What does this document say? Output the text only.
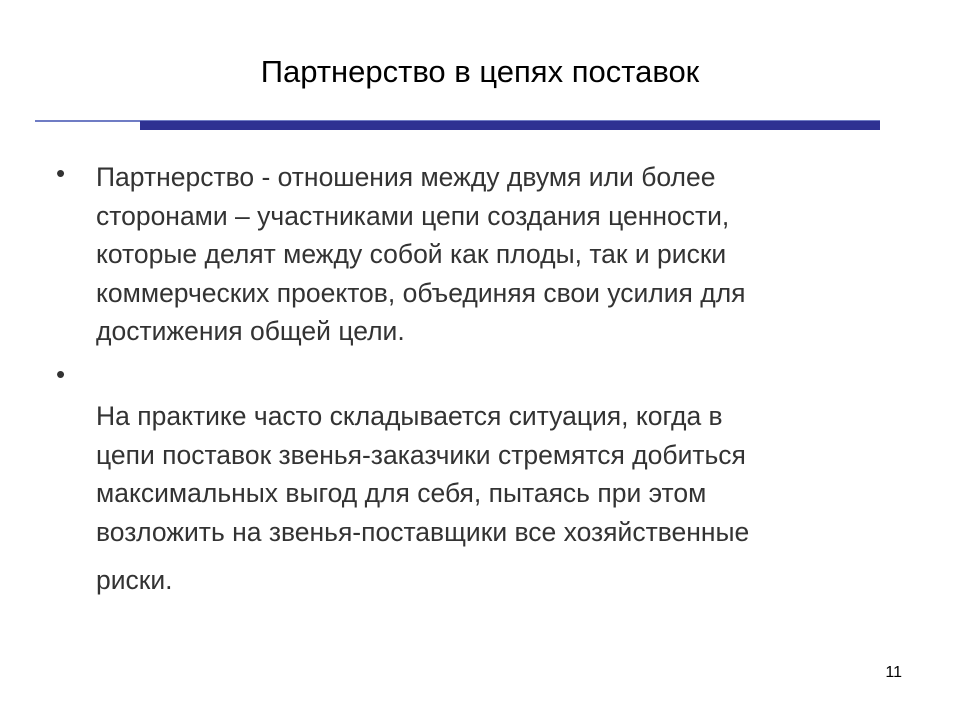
Партнерство в цепях поставок
• Партнерство - отношения между двумя или более
сторонами – участниками цепи создания ценности,
которые делят между собой как плоды, так и риски
коммерческих проектов, объединяя свои усилия для
достижения общей цели.
•

На практике часто складывается ситуация, когда в
цепи поставок звенья-заказчики стремятся добиться
максимальных выгод для себя, пытаясь при этом
возложить на звенья-поставщики все хозяйственные

риски.

11
